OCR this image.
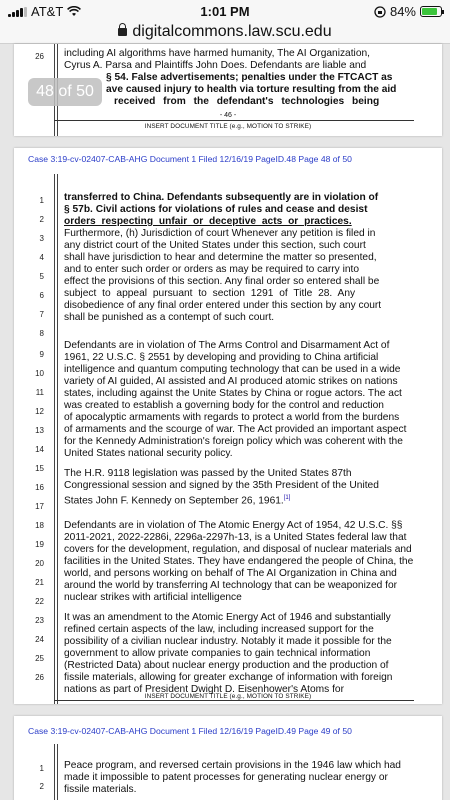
AT&T	1:01 PM	84%
digitalcommons.law.scu.edu
26 including AI algorithms have harmed humanity, The AI Organization,
Cyrus A. Parsa and Plaintiffs John Does. Defendants are liable and
§ 54. False advertisements; penalties under the FTCACT as
ave caused injury to health via torture resulting from the aid
received from the defendant's technologies being
- 46 -
INSERT DOCUMENT TITLE (e.g., MOTION TO STRIKE)
48 of 50
Case 3:19-cv-02407-CAB-AHG Document 1 Filed 12/16/19 PageID.48 Page 48 of 50
1
2
3
4
5
6
7
8
9
10
11
12
13
14
15
16
17
18
19
20
21
22
23
24
25
26
transferred to China. Defendants subsequently are in violation of
§ 57b. Civil actions for violations of rules and cease and desist
orders respecting unfair or deceptive acts or practices.
Furthermore, (h) Jurisdiction of court Whenever any petition is filed in
any district court of the United States under this section, such court
shall have jurisdiction to hear and determine the matter so presented,
and to enter such order or orders as may be required to carry into
effect the provisions of this section. Any final order so entered shall be
subject to appeal pursuant to section 1291 of Title 28. Any
disobedience of any final order entered under this section by any court
shall be punished as a contempt of such court.
Defendants are in violation of The Arms Control and Disarmament Act of
1961, 22 U.S.C. § 2551 by developing and providing to China artificial
intelligence and quantum computing technology that can be used in a wide
variety of AI guided, AI assisted and AI produced atomic strikes on nations
states, including against the Unite States by China or rogue actors. The act
was created to establish a governing body for the control and reduction
of apocalyptic armaments with regards to protect a world from the burdens
of armaments and the scourge of war. The Act provided an important aspect
for the Kennedy Administration's foreign policy which was coherent with the
United States national security policy.
The H.R. 9118 legislation was passed by the United States 87th
Congressional session and signed by the 35th President of the United
States John F. Kennedy on September 26, 1961.[1]
Defendants are in violation of The Atomic Energy Act of 1954, 42 U.S.C. §§
2011-2021, 2022-2286i, 2296a-2297h-13, is a United States federal law that
covers for the development, regulation, and disposal of nuclear materials and
facilities in the United States. They have endangered the people of China, the
world, and persons working on behalf of The AI Organization in China and
around the world by transferring AI technology that can be weaponized for
nuclear strikes with artificial intelligence
It was an amendment to the Atomic Energy Act of 1946 and substantially
refined certain aspects of the law, including increased support for the
possibility of a civilian nuclear industry. Notably it made it possible for the
government to allow private companies to gain technical information
(Restricted Data) about nuclear energy production and the production of
fissile materials, allowing for greater exchange of information with foreign
nations as part of President Dwight D. Eisenhower's Atoms for
INSERT DOCUMENT TITLE (e.g., MOTION TO STRIKE)
Case 3:19-cv-02407-CAB-AHG Document 1 Filed 12/16/19 PageID.49 Page 49 of 50
1
2
Peace program, and reversed certain provisions in the 1946 law which had
made it impossible to patent processes for generating nuclear energy or
fissile materials.
